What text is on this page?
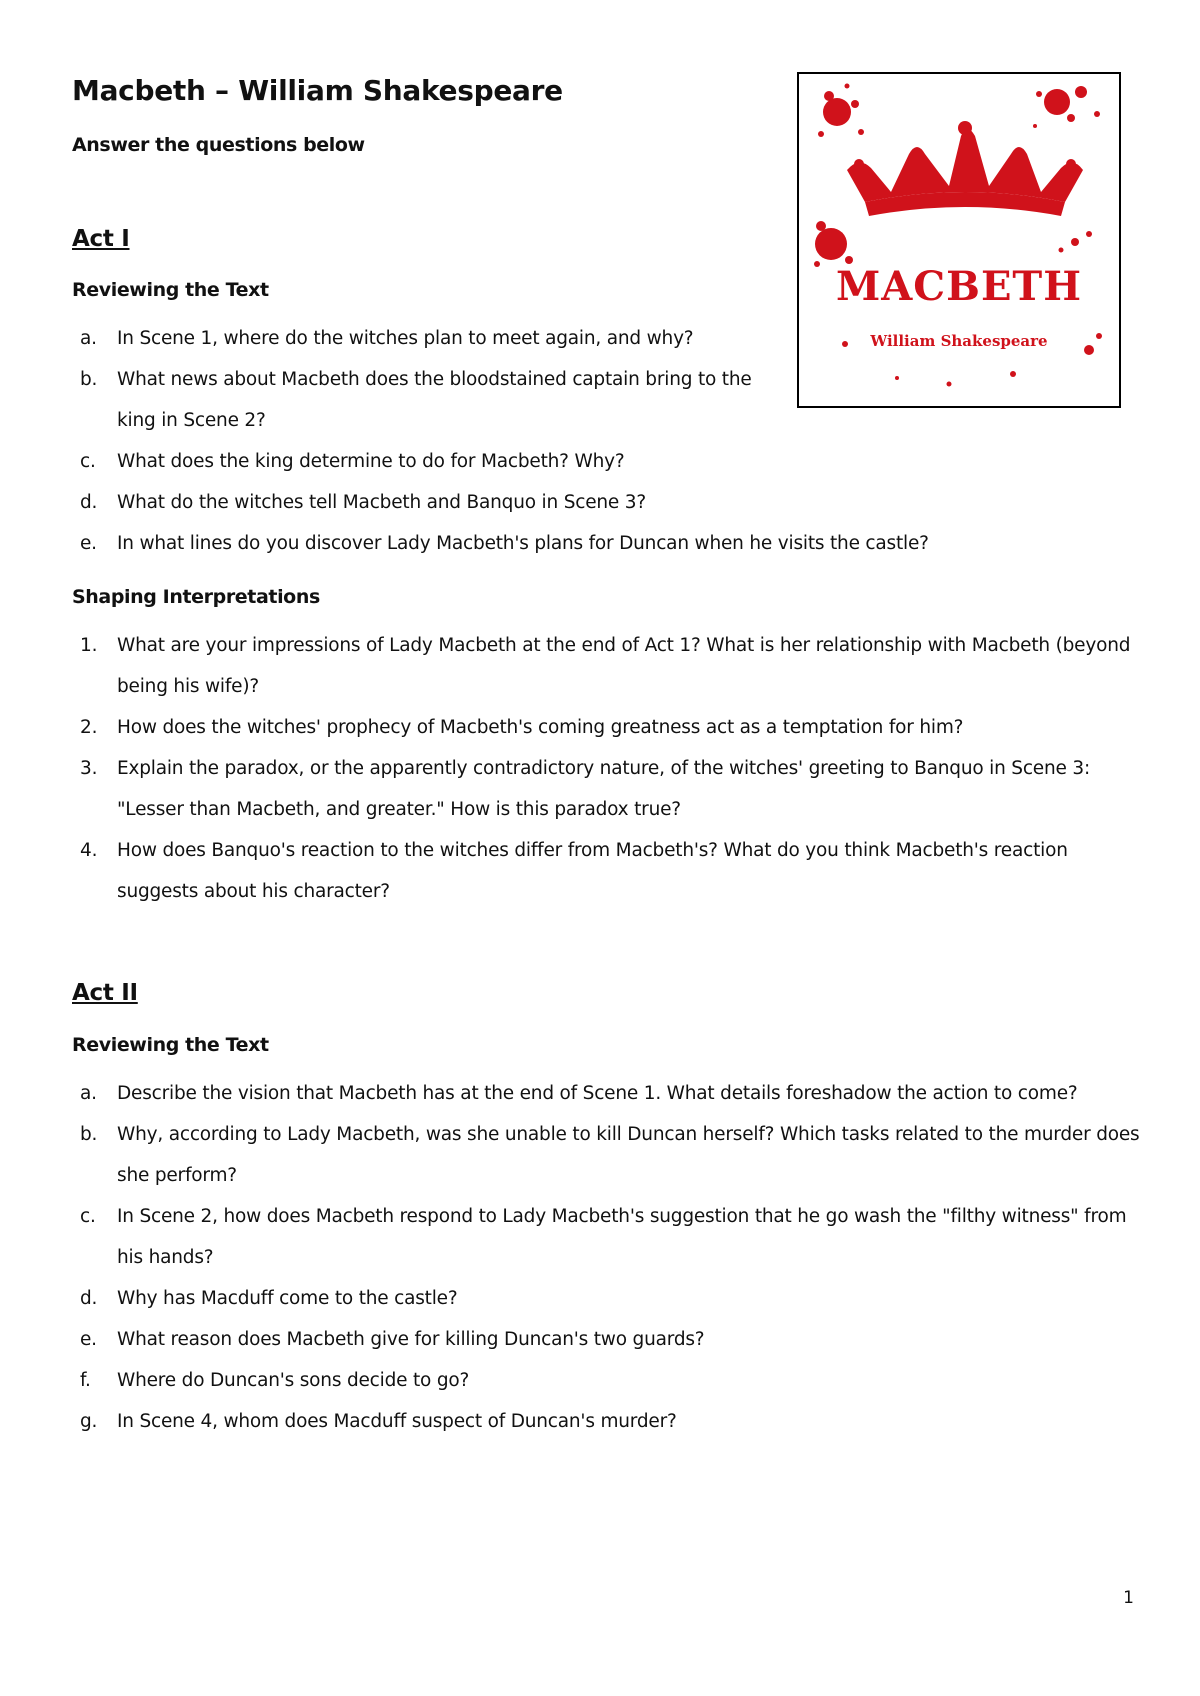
Macbeth – William Shakespeare

Answer the questions below

MACBETH
William Shakespeare
Act I
Reviewing the Text
a. In Scene 1, where do the witches plan to meet again, and why?
b. What news about Macbeth does the bloodstained captain bring to the king in Scene 2?
c. What does the king determine to do for Macbeth? Why?
d. What do the witches tell Macbeth and Banquo in Scene 3?
e. In what lines do you discover Lady Macbeth's plans for Duncan when he visits the castle?
Shaping Interpretations
1. What are your impressions of Lady Macbeth at the end of Act 1? What is her relationship with Macbeth (beyond being his wife)?
2. How does the witches' prophecy of Macbeth's coming greatness act as a temptation for him?
3. Explain the paradox, or the apparently contradictory nature, of the witches' greeting to Banquo in Scene 3: "Lesser than Macbeth, and greater." How is this paradox true?
4. How does Banquo's reaction to the witches differ from Macbeth's? What do you think Macbeth's reaction suggests about his character?
Act II
Reviewing the Text
a. Describe the vision that Macbeth has at the end of Scene 1. What details foreshadow the action to come?
b. Why, according to Lady Macbeth, was she unable to kill Duncan herself? Which tasks related to the murder does she perform?
c. In Scene 2, how does Macbeth respond to Lady Macbeth's suggestion that he go wash the "filthy witness" from his hands?
d. Why has Macduff come to the castle?
e. What reason does Macbeth give for killing Duncan's two guards?
f. Where do Duncan's sons decide to go?
g. In Scene 4, whom does Macduff suspect of Duncan's murder?
1
